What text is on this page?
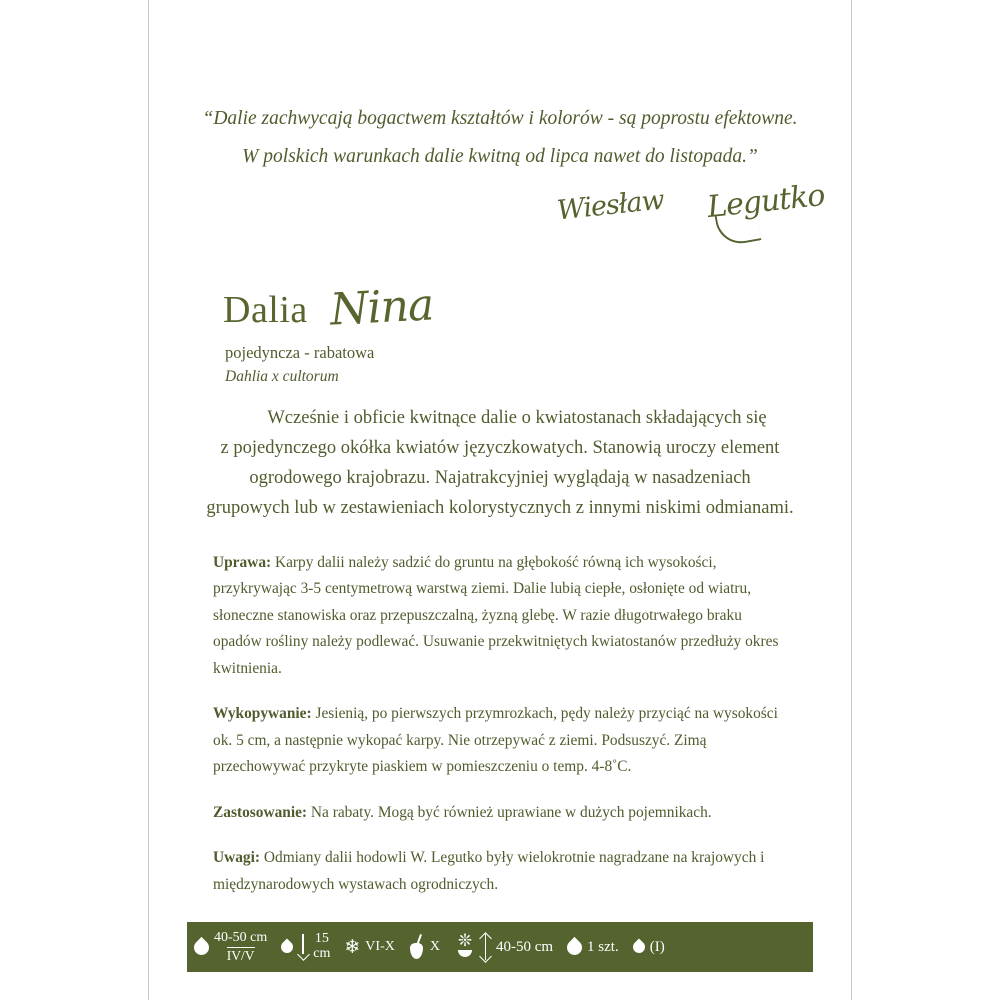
“Dalie zachwycają bogactwem kształtów i kolorów - są poprostu efektowne.
W polskich warunkach dalie kwitną od lipca nawet do listopada.”
Wiesław Legutko
Dalia Nina
pojedyncza - rabatowa
Dahlia x cultorum
Wcześnie i obficie kwitnące dalie o kwiatostanach składających się
z pojedynczego okółka kwiatów języczkowatych. Stanowią uroczy element
ogrodowego krajobrazu. Najatrakcyjniej wyglądają w nasadzeniach
grupowych lub w zestawieniach kolorystycznych z innymi niskimi odmianami.
Uprawa: Karpy dalii należy sadzić do gruntu na głębokość równą ich wysokości, przykrywając 3-5 centymetrową warstwą ziemi. Dalie lubią ciepłe, osłonięte od wiatru, słoneczne stanowiska oraz przepuszczalną, żyzną glebę. W razie długotrwałego braku opadów rośliny należy podlewać. Usuwanie przekwitniętych kwiatostanów przedłuży okres kwitnienia.
Wykopywanie: Jesienią, po pierwszych przymrozkach, pędy należy przyciąć na wysokości ok. 5 cm, a następnie wykopać karpy. Nie otrzepywać z ziemi. Podsuszyć. Zimą przechowywać przykryte piaskiem w pomieszczeniu o temp. 4-8˚C.
Zastosowanie: Na rabaty. Mogą być również uprawiane w dużych pojemnikach.
Uwagi: Odmiany dalii hodowli W. Legutko były wielokrotnie nagradzane na krajowych i międzynarodowych wystawach ogrodniczych.
40-50 cm
IV/V
15
cm ❄ VI-X	X ❊ 40-50 cm 1 szt. (I)
